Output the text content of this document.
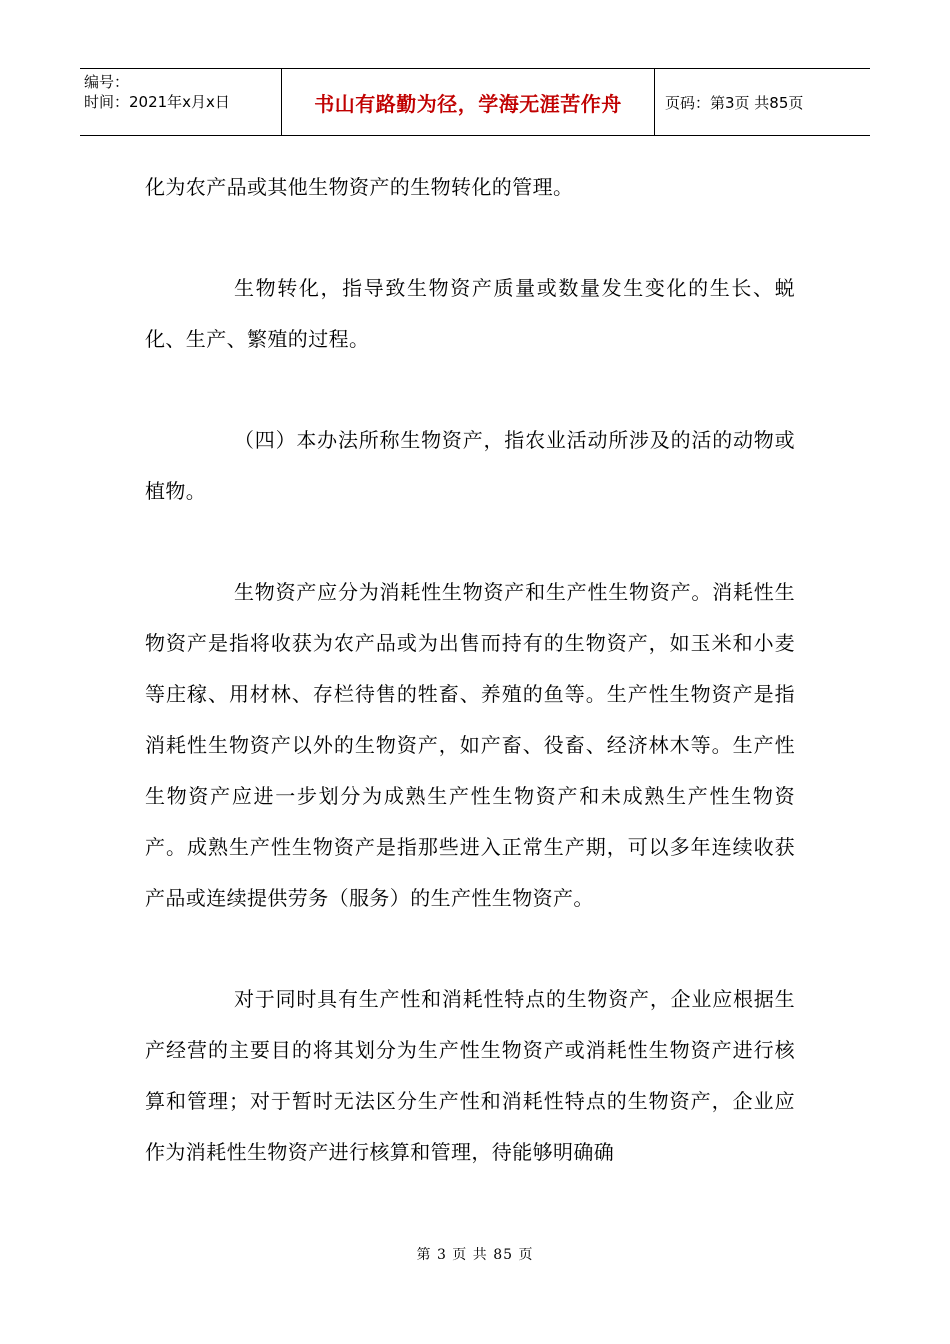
编号：
时间：2021年x月x日	书山有路勤为径，学海无涯苦作舟	页码：第3页 共85页

化为农产品或其他生物资产的生物转化的管理。

生物转化，指导致生物资产质量或数量发生变化的生长、蜕化、生产、繁殖的过程。

（四）本办法所称生物资产，指农业活动所涉及的活的动物或植物。

生物资产应分为消耗性生物资产和生产性生物资产。消耗性生物资产是指将收获为农产品或为出售而持有的生物资产，如玉米和小麦等庄稼、用材林、存栏待售的牲畜、养殖的鱼等。生产性生物资产是指消耗性生物资产以外的生物资产，如产畜、役畜、经济林木等。生产性生物资产应进一步划分为成熟生产性生物资产和未成熟生产性生物资产。成熟生产性生物资产是指那些进入正常生产期，可以多年连续收获产品或连续提供劳务（服务）的生产性生物资产。

对于同时具有生产性和消耗性特点的生物资产，企业应根据生产经营的主要目的将其划分为生产性生物资产或消耗性生物资产进行核算和管理；对于暂时无法区分生产性和消耗性特点的生物资产，企业应作为消耗性生物资产进行核算和管理，待能够明确确

第 3 页 共 85 页
